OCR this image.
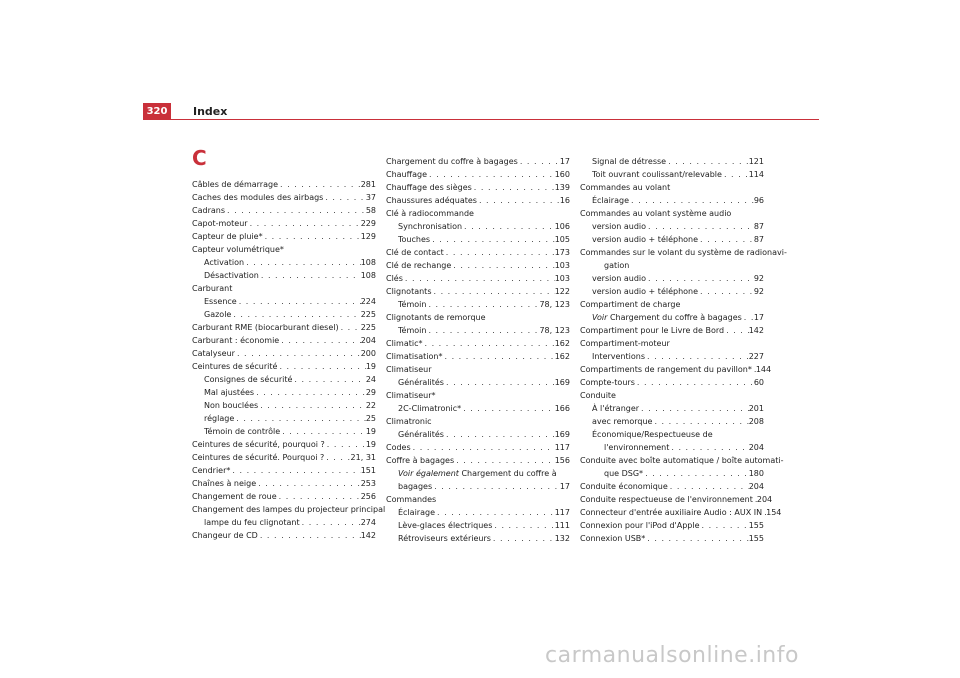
320	Index
C
Câbles de démarrage . . .	281
Caches des modules des airbags . . .	37
Cadrans . . .	58
Capot-moteur . . .	229
Capteur de pluie* . . .	129
Capteur volumétrique*
Activation . . .	108
Désactivation . . .	108
Carburant
Essence . . .	224
Gazole . . .	225
Carburant RME (biocarburant diesel) . . .	225
Carburant : économie . . .	204
Catalyseur . . .	200
Ceintures de sécurité . . .	19
Consignes de sécurité . . .	24
Mal ajustées . . .	29
Non bouclées . . .	22
réglage . . .	25
Témoin de contrôle . . .	19
Ceintures de sécurité, pourquoi ? . . .	19
Ceintures de sécurité. Pourquoi ? . . .	21, 31
Cendrier* . . .	151
Chaînes à neige . . .	253
Changement de roue . . .	256
Changement des lampes du projecteur principal
lampe du feu clignotant . . .	274
Changeur de CD . . .	142
Chargement du coffre à bagages . . .	17
Chauffage . . .	160
Chauffage des sièges . . .	139
Chaussures adéquates . . .	16
Clé à radiocommande
Synchronisation . . .	106
Touches . . .	105
Clé de contact . . .	173
Clé de rechange . . .	103
Clés . . .	103
Clignotants . . .	122
Témoin . . .	78, 123
Clignotants de remorque
Témoin . . .	78, 123
Climatic* . . .	162
Climatisation* . . .	162
Climatiseur
Généralités . . .	169
Climatiseur*
2C-Climatronic* . . .	166
Climatronic
Généralités . . .	169
Codes . . .	117
Coffre à bagages . . .	156
Voir également Chargement du coffre à
bagages . . .	17
Commandes
Éclairage . . .	117
Lève-glaces électriques . . .	111
Rétroviseurs extérieurs . . .	132
Signal de détresse . . .	121
Toit ouvrant coulissant/relevable . . .	114
Commandes au volant
Éclairage . . .	96
Commandes au volant système audio
version audio . . .	87
version audio + téléphone . . .	87
Commandes sur le volant du système de radionavi-
gation
version audio . . .	92
version audio + téléphone . . .	92
Compartiment de charge
Voir Chargement du coffre à bagages . . . 17
Compartiment pour le Livre de Bord . . .	142
Compartiment-moteur
Interventions . . .	227
Compartiments de rangement du pavillon* . . . 144
Compte-tours . . .	60
Conduite
À l'étranger . . .	201
avec remorque . . .	208
Économique/Respectueuse de
l'environnement . . .	204
Conduite avec boîte automatique / boîte automati-
que DSG* . . .	180
Conduite économique . . .	204
Conduite respectueuse de l'environnement . . . 204
Connecteur d'entrée auxiliaire Audio : AUX IN . . . 154
Connexion pour l'iPod d'Apple . . .	155
Connexion USB* . . .	155
carmanualsonline.info
